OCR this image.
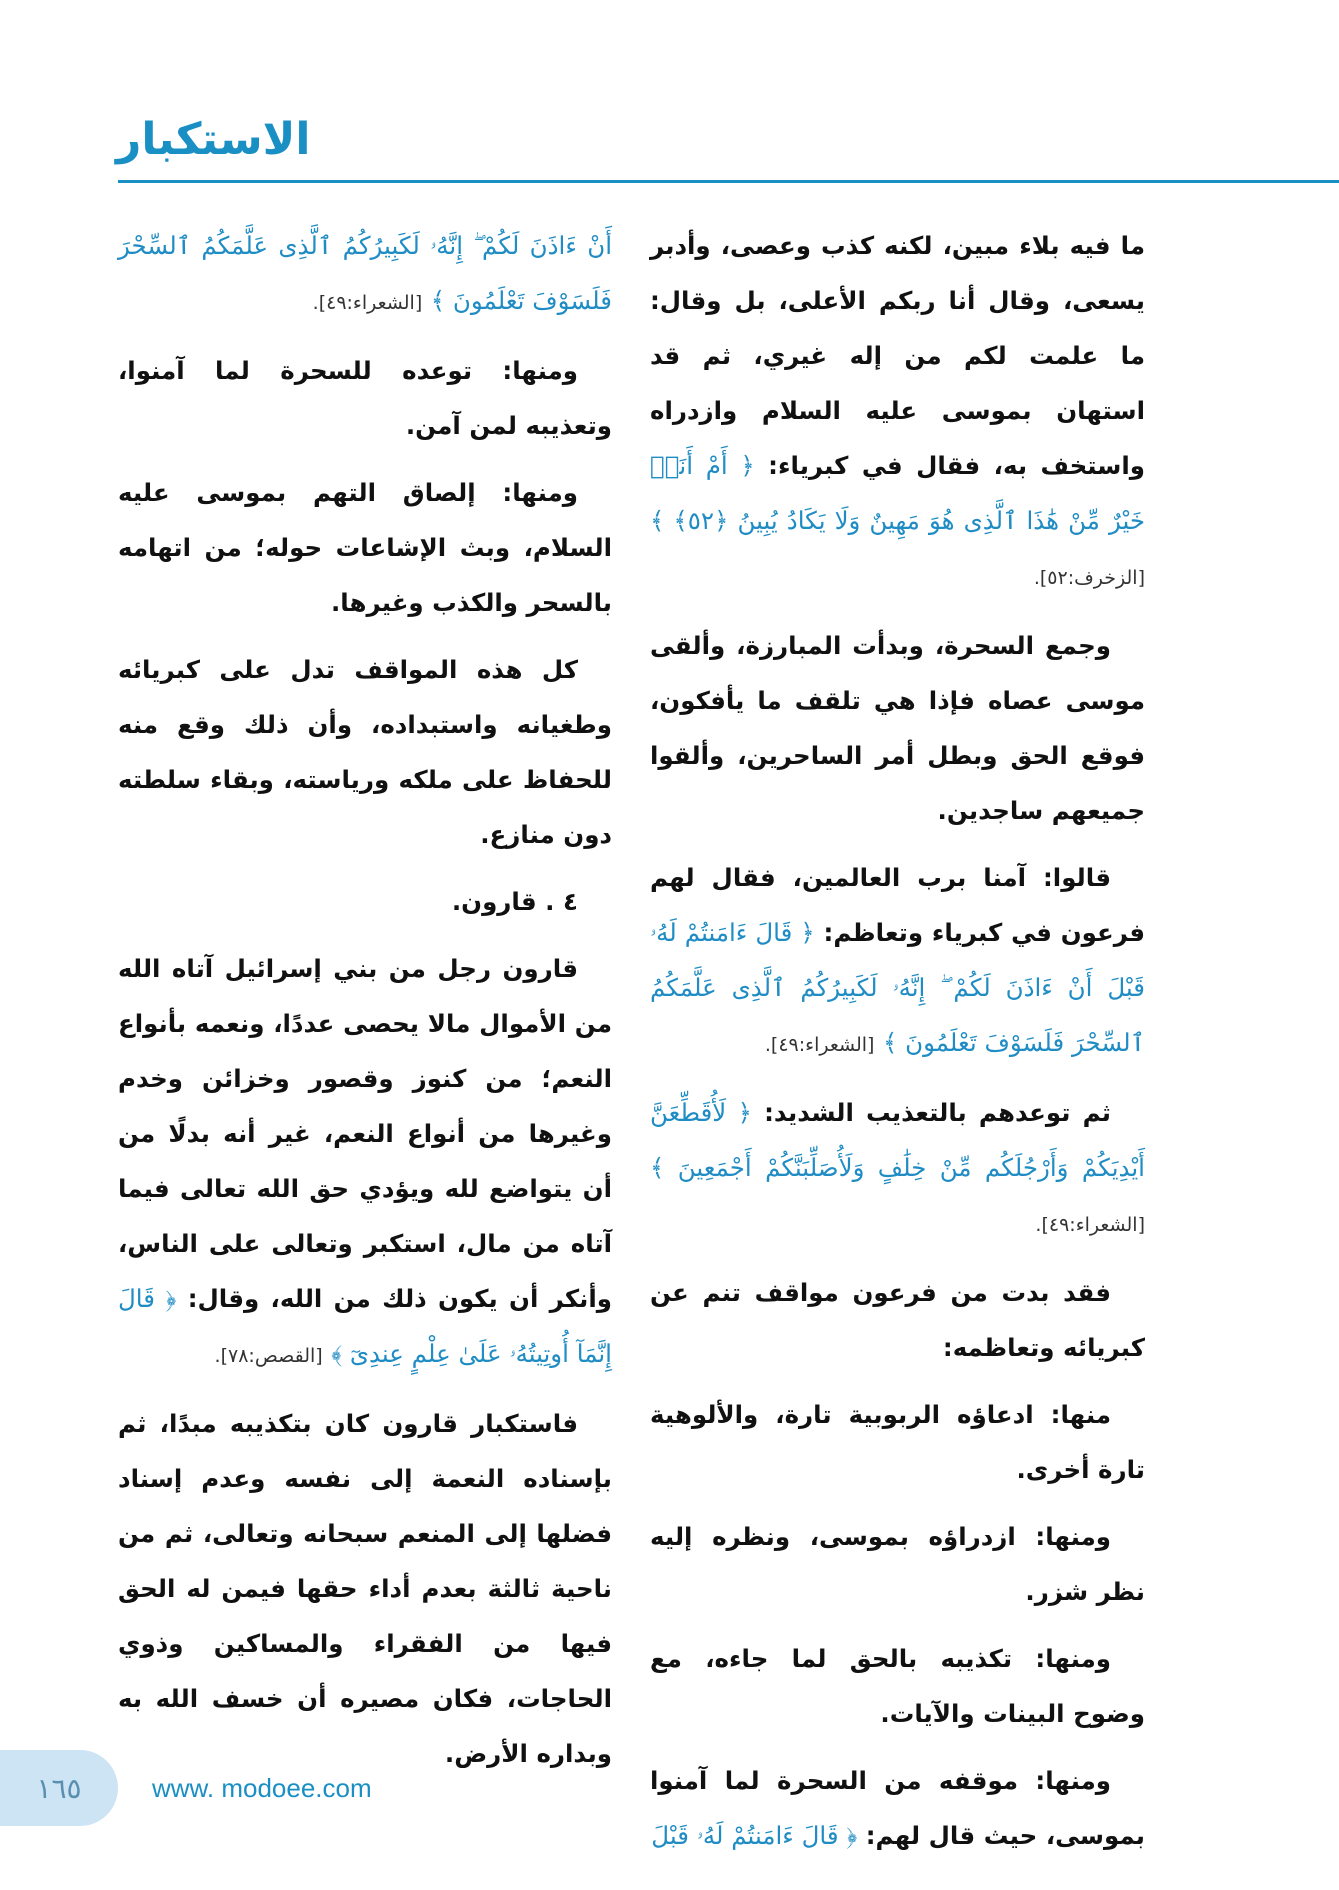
الاستكبار

ما فيه بلاء مبين، لكنه كذب وعصى، وأدبر يسعى، وقال أنا ربكم الأعلى، بل وقال: ما علمت لكم من إله غيري، ثم قد استهان بموسى عليه السلام وازدراه واستخف به، فقال في كبرياء: ﴿ أَمْ أَنَا۠ خَيْرٌ مِّنْ هَٰذَا ٱلَّذِى هُوَ مَهِينٌ وَلَا يَكَادُ يُبِينُ ﴿٥٢﴾ ﴾ [الزخرف:٥٢].

وجمع السحرة، وبدأت المبارزة، وألقى موسى عصاه فإذا هي تلقف ما يأفكون، فوقع الحق وبطل أمر الساحرين، وألقوا جميعهم ساجدين.

قالوا: آمنا برب العالمين، فقال لهم فرعون في كبرياء وتعاظم: ﴿ قَالَ ءَامَنتُمْ لَهُۥ قَبْلَ أَنْ ءَاذَنَ لَكُمْ ۖ إِنَّهُۥ لَكَبِيرُكُمُ ٱلَّذِى عَلَّمَكُمُ ٱلسِّحْرَ فَلَسَوْفَ تَعْلَمُونَ ﴾ [الشعراء:٤٩].

ثم توعدهم بالتعذيب الشديد: ﴿ لَأُقَطِّعَنَّ أَيْدِيَكُمْ وَأَرْجُلَكُم مِّنْ خِلَٰفٍ وَلَأُصَلِّبَنَّكُمْ أَجْمَعِينَ ﴾ [الشعراء:٤٩].

فقد بدت من فرعون مواقف تنم عن كبريائه وتعاظمه:

منها: ادعاؤه الربوبية تارة، والألوهية تارة أخرى.

ومنها: ازدراؤه بموسى، ونظره إليه نظر شزر.

ومنها: تكذيبه بالحق لما جاءه، مع وضوح البينات والآيات.

ومنها: موقفه من السحرة لما آمنوا بموسى، حيث قال لهم: ﴿ قَالَ ءَامَنتُمْ لَهُۥ قَبْلَ

أَنْ ءَاذَنَ لَكُمْ ۖ إِنَّهُۥ لَكَبِيرُكُمُ ٱلَّذِى عَلَّمَكُمُ ٱلسِّحْرَ فَلَسَوْفَ تَعْلَمُونَ ﴾ [الشعراء:٤٩].

ومنها: توعده للسحرة لما آمنوا، وتعذيبه لمن آمن.

ومنها: إلصاق التهم بموسى عليه السلام، وبث الإشاعات حوله؛ من اتهامه بالسحر والكذب وغيرها.

كل هذه المواقف تدل على كبريائه وطغيانه واستبداده، وأن ذلك وقع منه للحفاظ على ملكه ورياسته، وبقاء سلطته دون منازع.

٤ . قارون.

قارون رجل من بني إسرائيل آتاه الله من الأموال مالا يحصى عددًا، ونعمه بأنواع النعم؛ من كنوز وقصور وخزائن وخدم وغيرها من أنواع النعم، غير أنه بدلًا من أن يتواضع لله ويؤدي حق الله تعالى فيما آتاه من مال، استكبر وتعالى على الناس، وأنكر أن يكون ذلك من الله، وقال: ﴿ قَالَ إِنَّمَآ أُوتِيتُهُۥ عَلَىٰ عِلْمٍ عِندِىٓ ﴾ [القصص:٧٨].

فاستكبار قارون كان بتكذيبه مبدًا، ثم بإسناده النعمة إلى نفسه وعدم إسناد فضلها إلى المنعم سبحانه وتعالى، ثم من ناحية ثالثة بعدم أداء حقها فيمن له الحق فيها من الفقراء والمساكين وذوي الحاجات، فكان مصيره أن خسف الله به وبداره الأرض.

١٦٥	www. modoee.com
